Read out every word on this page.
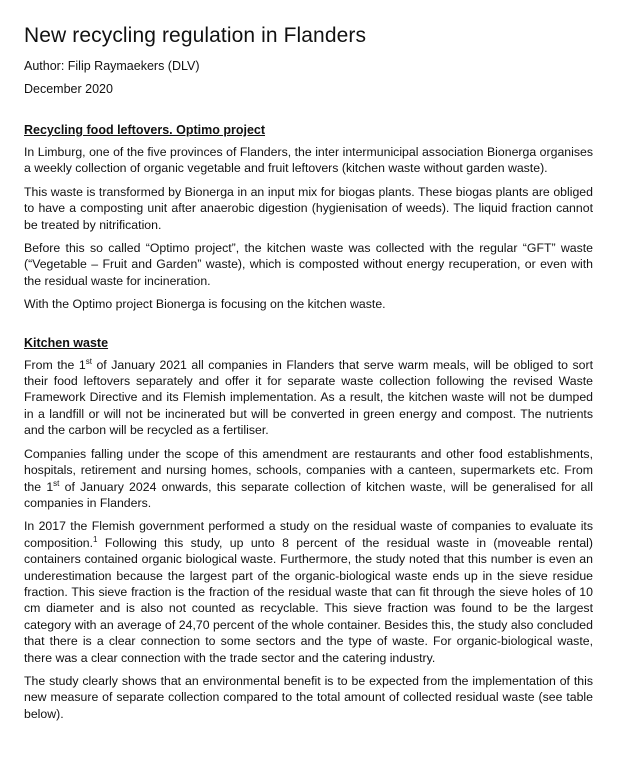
New recycling regulation in Flanders

Author: Filip Raymaekers (DLV)

December 2020

Recycling food leftovers. Optimo project

In Limburg, one of the five provinces of Flanders, the inter intermunicipal association Bionerga organises a weekly collection of organic vegetable and fruit leftovers (kitchen waste without garden waste).

This waste is transformed by Bionerga in an input mix for biogas plants. These biogas plants are obliged to have a composting unit after anaerobic digestion (hygienisation of weeds). The liquid fraction cannot be treated by nitrification.

Before this so called “Optimo project”, the kitchen waste was collected with the regular “GFT” waste (“Vegetable – Fruit and Garden” waste), which is composted without energy recuperation, or even with the residual waste for incineration.

With the Optimo project Bionerga is focusing on the kitchen waste.

Kitchen waste

From the 1st of January 2021 all companies in Flanders that serve warm meals, will be obliged to sort their food leftovers separately and offer it for separate waste collection following the revised Waste Framework Directive and its Flemish implementation. As a result, the kitchen waste will not be dumped in a landfill or will not be incinerated but will be converted in green energy and compost. The nutrients and the carbon will be recycled as a fertiliser.

Companies falling under the scope of this amendment are restaurants and other food establishments, hospitals, retirement and nursing homes, schools, companies with a canteen, supermarkets etc. From the 1st of January 2024 onwards, this separate collection of kitchen waste, will be generalised for all companies in Flanders.

In 2017 the Flemish government performed a study on the residual waste of companies to evaluate its composition.$^1$ Following this study, up unto 8 percent of the residual waste in (moveable rental) containers contained organic biological waste. Furthermore, the study noted that this number is even an underestimation because the largest part of the organic-biological waste ends up in the sieve residue fraction. This sieve fraction is the fraction of the residual waste that can fit through the sieve holes of 10 cm diameter and is also not counted as recyclable. This sieve fraction was found to be the largest category with an average of 24,70 percent of the whole container. Besides this, the study also concluded that there is a clear connection to some sectors and the type of waste. For organic-biological waste, there was a clear connection with the trade sector and the catering industry.

The study clearly shows that an environmental benefit is to be expected from the implementation of this new measure of separate collection compared to the total amount of collected residual waste (see table below).
